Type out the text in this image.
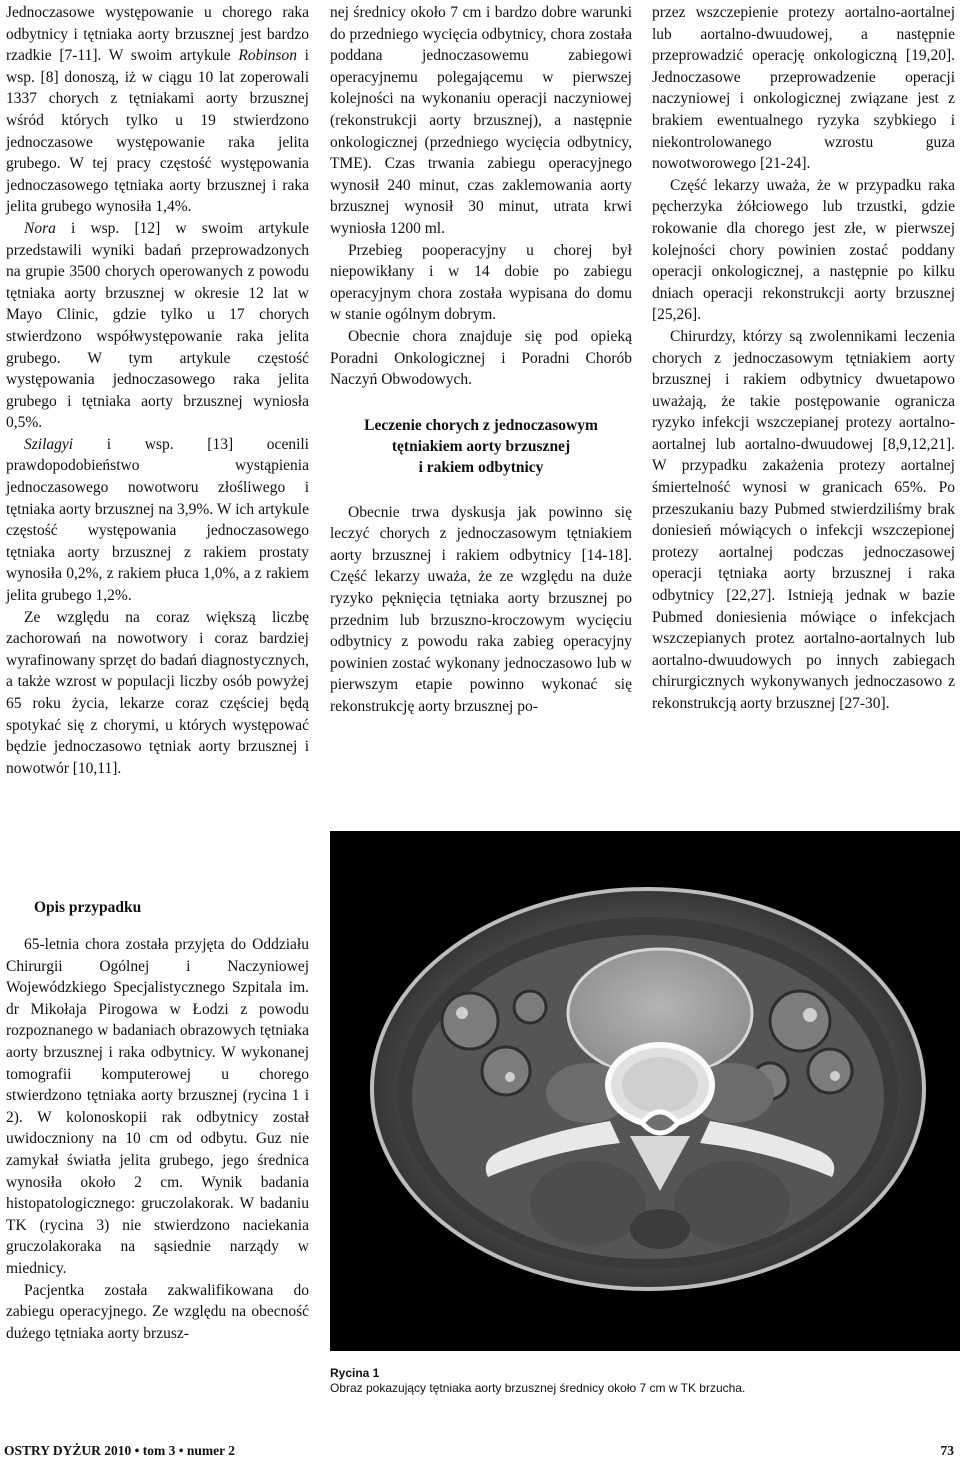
Jednoczasowe występowanie u chorego raka odbytnicy i tętniaka aorty brzusznej jest bardzo rzadkie [7-11]. W swoim artykule Robinson i wsp. [8] donoszą, iż w ciągu 10 lat zoperowali 1337 chorych z tętniakami aorty brzusznej wśród których tylko u 19 stwierdzono jednoczasowe występowanie raka jelita grubego. W tej pracy częstość występowania jednoczasowego tętniaka aorty brzusznej i raka jelita grubego wynosiła 1,4%.

Nora i wsp. [12] w swoim artykule przedstawili wyniki badań przeprowadzonych na grupie 3500 chorych operowanych z powodu tętniaka aorty brzusznej w okresie 12 lat w Mayo Clinic, gdzie tylko u 17 chorych stwierdzono współwystępowanie raka jelita grubego. W tym artykule częstość występowania jednoczasowego raka jelita grubego i tętniaka aorty brzusznej wyniosła 0,5%.

Szilagyi i wsp. [13] ocenili prawdopodobieństwo wystąpienia jednoczasowego nowotworu złośliwego i tętniaka aorty brzusznej na 3,9%. W ich artykule częstość występowania jednoczasowego tętniaka aorty brzusznej z rakiem prostaty wynosiła 0,2%, z rakiem płuca 1,0%, a z rakiem jelita grubego 1,2%.

Ze względu na coraz większą liczbę zachorowań na nowotwory i coraz bardziej wyrafinowany sprzęt do badań diagnostycznych, a także wzrost w populacji liczby osób powyżej 65 roku życia, lekarze coraz częściej będą spotykać się z chorymi, u których występować będzie jednoczasowo tętniak aorty brzusznej i nowotwór [10,11].

Opis przypadku

65-letnia chora została przyjęta do Oddziału Chirurgii Ogólnej i Naczyniowej Wojewódzkiego Specjalistycznego Szpitala im. dr Mikołaja Pirogowa w Łodzi z powodu rozpoznanego w badaniach obrazowych tętniaka aorty brzusznej i raka odbytnicy. W wykonanej tomografii komputerowej u chorego stwierdzono tętniaka aorty brzusznej (rycina 1 i 2). W kolonoskopii rak odbytnicy został uwidoczniony na 10 cm od odbytu. Guz nie zamykał światła jelita grubego, jego średnica wynosiła około 2 cm. Wynik badania histopatologicznego: gruczolakorak. W badaniu TK (rycina 3) nie stwierdzono naciekania gruczolakoraka na sąsiednie narządy w miednicy.

Pacjentka została zakwalifikowana do zabiegu operacyjnego. Ze względu na obecność dużego tętniaka aorty brzusz-

nej średnicy około 7 cm i bardzo dobre warunki do przedniego wycięcia odbytnicy, chora została poddana jednoczasowemu zabiegowi operacyjnemu polegającemu w pierwszej kolejności na wykonaniu operacji naczyniowej (rekonstrukcji aorty brzusznej), a następnie onkologicznej (przedniego wycięcia odbytnicy, TME). Czas trwania zabiegu operacyjnego wynosił 240 minut, czas zaklemowania aorty brzusznej wynosił 30 minut, utrata krwi wyniosła 1200 ml.

Przebieg pooperacyjny u chorej był niepowikłany i w 14 dobie po zabiegu operacyjnym chora została wypisana do domu w stanie ogólnym dobrym.

Obecnie chora znajduje się pod opieką Poradni Onkologicznej i Poradni Chorób Naczyń Obwodowych.

Leczenie chorych z jednoczasowym
tętniakiem aorty brzusznej
i rakiem odbytnicy

Obecnie trwa dyskusja jak powinno się leczyć chorych z jednoczasowym tętniakiem aorty brzusznej i rakiem odbytnicy [14-18]. Część lekarzy uważa, że ze względu na duże ryzyko pęknięcia tętniaka aorty brzusznej po przednim lub brzuszno-kroczowym wycięciu odbytnicy z powodu raka zabieg operacyjny powinien zostać wykonany jednoczasowo lub w pierwszym etapie powinno wykonać się rekonstrukcję aorty brzusznej po-

przez wszczepienie protezy aortalno-aortalnej lub aortalno-dwuudowej, a następnie przeprowadzić operację onkologiczną [19,20]. Jednoczasowe przeprowadzenie operacji naczyniowej i onkologicznej związane jest z brakiem ewentualnego ryzyka szybkiego i niekontrolowanego wzrostu guza nowotworowego [21-24].

Część lekarzy uważa, że w przypadku raka pęcherzyka żółciowego lub trzustki, gdzie rokowanie dla chorego jest złe, w pierwszej kolejności chory powinien zostać poddany operacji onkologicznej, a następnie po kilku dniach operacji rekonstrukcji aorty brzusznej [25,26].

Chirurdzy, którzy są zwolennikami leczenia chorych z jednoczasowym tętniakiem aorty brzusznej i rakiem odbytnicy dwuetapowo uważają, że takie postępowanie ogranicza ryzyko infekcji wszczepianej protezy aortalno-aortalnej lub aortalno-dwuudowej [8,9,12,21]. W przypadku zakażenia protezy aortalnej śmiertelność wynosi w granicach 65%. Po przeszukaniu bazy Pubmed stwierdziliśmy brak doniesień mówiących o infekcji wszczepionej protezy aortalnej podczas jednoczasowej operacji tętniaka aorty brzusznej i raka odbytnicy [22,27]. Istnieją jednak w bazie Pubmed doniesienia mówiące o infekcjach wszczepianych protez aortalno-aortalnych lub aortalno-dwuudowych po innych zabiegach chirurgicznych wykonywanych jednoczasowo z rekonstrukcją aorty brzusznej [27-30].

Rycina 1
Obraz pokazujący tętniaka aorty brzusznej średnicy około 7 cm w TK brzucha.
OSTRY DYŻUR 2010 • tom 3 • numer 2	73
